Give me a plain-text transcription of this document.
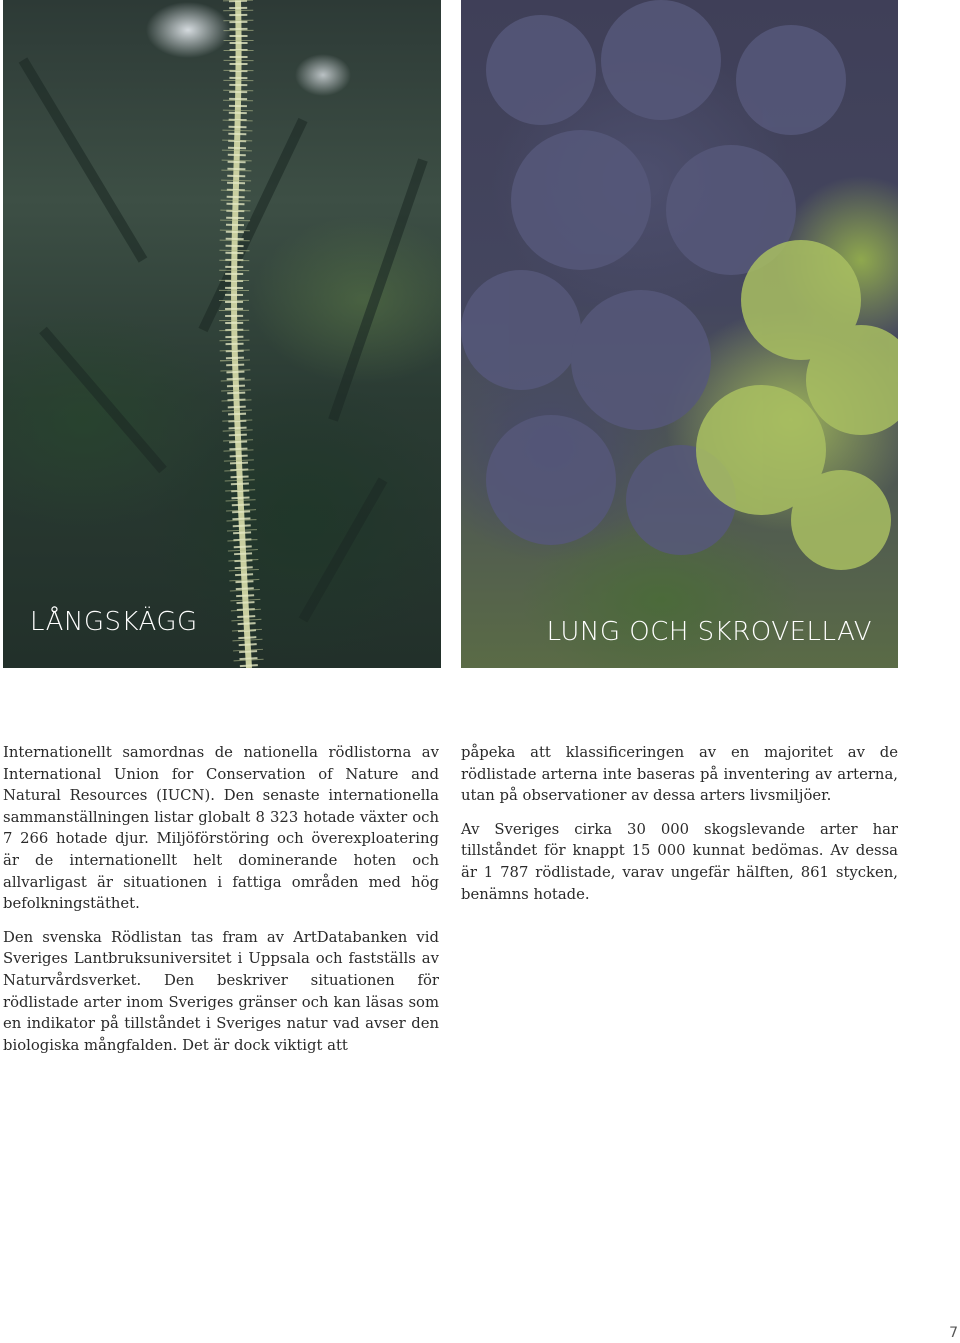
LÅNGSKÄGG	LUNG OCH SKROVELLAV

Internationellt samordnas de nationella rödlistorna av International Union for Conservation of Nature and Natural Resources (IUCN). Den senaste internationella sammanställningen listar globalt 8 323 hotade växter och 7 266 hotade djur. Miljöförstöring och överexploatering är de internationellt helt dominerande hoten och allvarligast är situationen i fattiga områden med hög befolkningstäthet.

Den svenska Rödlistan tas fram av ArtDatabanken vid Sveriges Lantbruksuniversitet i Uppsala och fastställs av Naturvårdsverket. Den beskriver situationen för rödlistade arter inom Sveriges gränser och kan läsas som en indikator på tillståndet i Sveriges natur vad avser den biologiska mångfalden. Det är dock viktigt att

påpeka att klassificeringen av en majoritet av de rödlistade arterna inte baseras på inventering av arterna, utan på observationer av dessa arters livsmiljöer.

Av Sveriges cirka 30 000 skogslevande arter har tillståndet för knappt 15 000 kunnat bedömas. Av dessa är 1 787 rödlistade, varav ungefär hälften, 861 stycken, benämns hotade.

7
